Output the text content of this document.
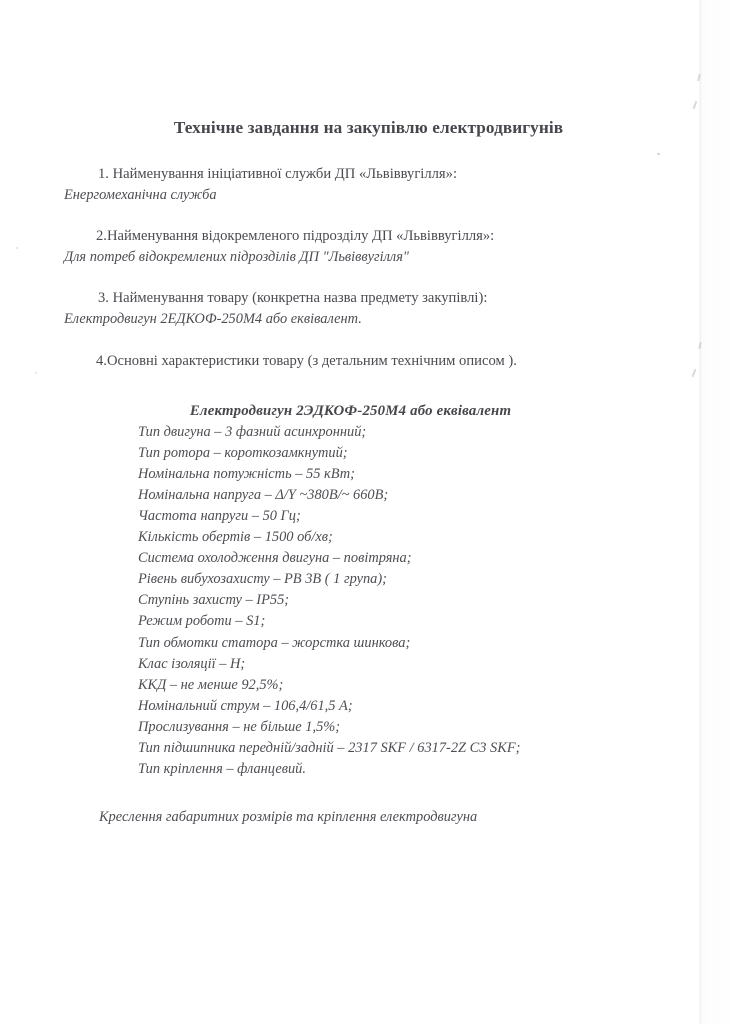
Технічне завдання на закупівлю електродвигунів

1. Найменування ініціативної служби ДП «Львіввугілля»:

Енергомеханічна служба

2.Найменування відокремленого підрозділу ДП «Львіввугілля»:

Для потреб відокремлених підрозділів ДП "Львіввугілля"

3. Найменування товару (конкретна назва предмету закупівлі):

Електродвигун 2ЕДКОФ-250М4 або еквівалент.

4.Основні характеристики товару (з детальним технічним описом ).

Електродвигун 2ЭДКОФ-250М4 або еквівалент

Тип двигуна – 3 фазний асинхронний;
Тип ротора – короткозамкнутий;
Номінальна потужність – 55 кВт;
Номінальна напруга – Δ/Y ~380В/~ 660В;
Частота напруги – 50 Гц;
Кількість обертів – 1500 об/хв;
Система охолодження двигуна – повітряна;
Рівень вибухозахисту – РВ 3В ( 1 група);
Ступінь захисту – ІР55;
Режим роботи – S1;
Тип обмотки статора – жорстка шинкова;
Клас ізоляції – Н;
ККД – не менше 92,5%;
Номінальний струм – 106,4/61,5 А;
Прослизування – не більше 1,5%;
Тип підшипника передній/задній – 2317 SKF / 6317-2Z C3 SKF;
Тип кріплення – фланцевий.

Креслення габаритних розмірів та кріплення електродвигуна
